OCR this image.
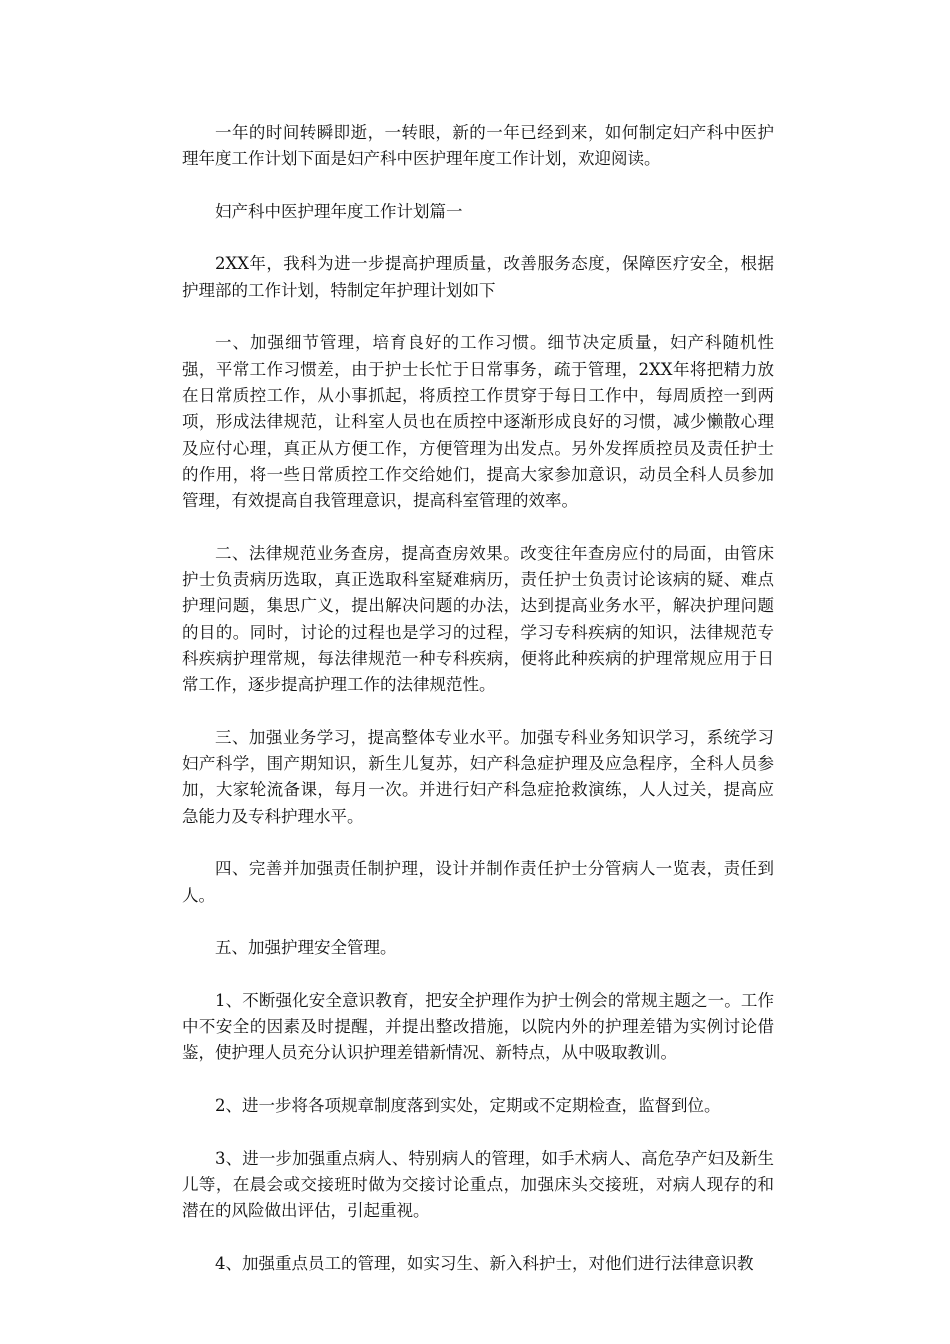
一年的时间转瞬即逝，一转眼，新的一年已经到来，如何制定妇产科中医护理年度工作计划下面是妇产科中医护理年度工作计划，欢迎阅读。

妇产科中医护理年度工作计划篇一

2XX年，我科为进一步提高护理质量，改善服务态度，保障医疗安全，根据护理部的工作计划，特制定年护理计划如下

一、加强细节管理，培育良好的工作习惯。细节决定质量，妇产科随机性强，平常工作习惯差，由于护士长忙于日常事务，疏于管理，2XX年将把精力放在日常质控工作，从小事抓起，将质控工作贯穿于每日工作中，每周质控一到两项，形成法律规范，让科室人员也在质控中逐渐形成良好的习惯，减少懒散心理及应付心理，真正从方便工作，方便管理为出发点。另外发挥质控员及责任护士的作用，将一些日常质控工作交给她们，提高大家参加意识，动员全科人员参加管理，有效提高自我管理意识，提高科室管理的效率。

二、法律规范业务查房，提高查房效果。改变往年查房应付的局面，由管床护士负责病历选取，真正选取科室疑难病历，责任护士负责讨论该病的疑、难点护理问题，集思广义，提出解决问题的办法，达到提高业务水平，解决护理问题的目的。同时，讨论的过程也是学习的过程，学习专科疾病的知识，法律规范专科疾病护理常规，每法律规范一种专科疾病，便将此种疾病的护理常规应用于日常工作，逐步提高护理工作的法律规范性。

三、加强业务学习，提高整体专业水平。加强专科业务知识学习，系统学习妇产科学，围产期知识，新生儿复苏，妇产科急症护理及应急程序，全科人员参加，大家轮流备课，每月一次。并进行妇产科急症抢救演练，人人过关，提高应急能力及专科护理水平。

四、完善并加强责任制护理，设计并制作责任护士分管病人一览表，责任到人。

五、加强护理安全管理。

1、不断强化安全意识教育，把安全护理作为护士例会的常规主题之一。工作中不安全的因素及时提醒，并提出整改措施，以院内外的护理差错为实例讨论借鉴，使护理人员充分认识护理差错新情况、新特点，从中吸取教训。

2、进一步将各项规章制度落到实处，定期或不定期检查，监督到位。

3、进一步加强重点病人、特别病人的管理，如手术病人、高危孕产妇及新生儿等，在晨会或交接班时做为交接讨论重点，加强床头交接班，对病人现存的和潜在的风险做出评估，引起重视。

4、加强重点员工的管理，如实习生、新入科护士，对他们进行法律意识教
